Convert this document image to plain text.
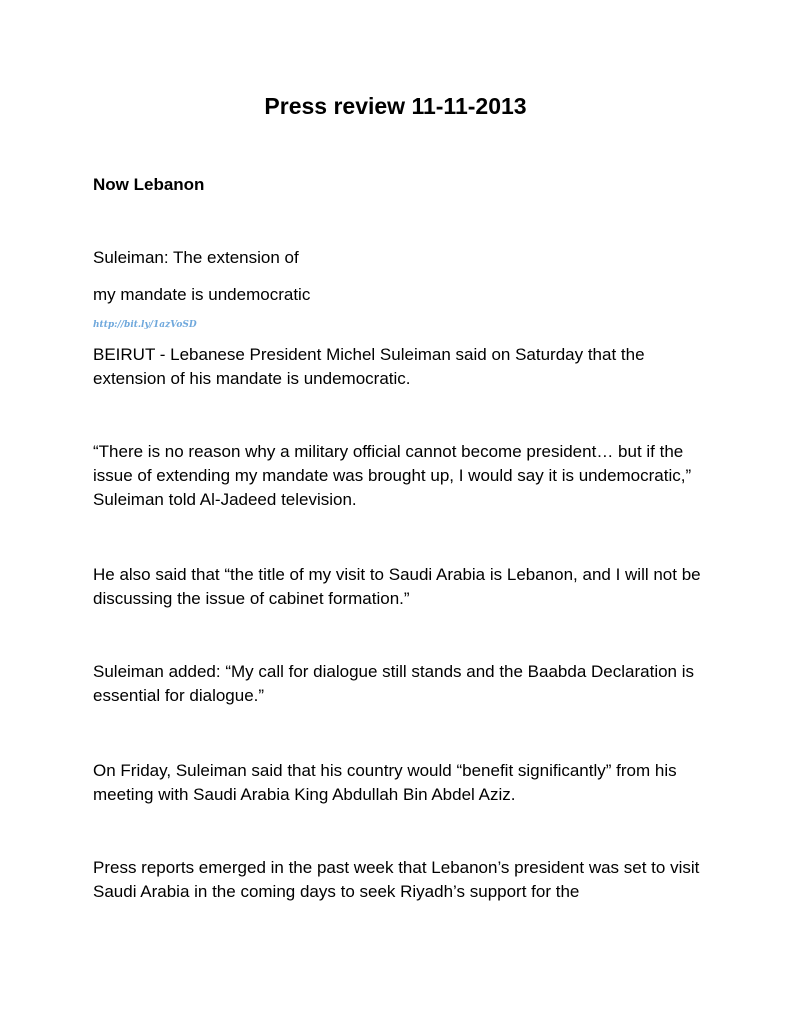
Press review 11-11-2013
Now Lebanon

Suleiman: The extension of

my mandate is undemocratic

http://bit.ly/1azVoSD

BEIRUT - Lebanese President Michel Suleiman said on Saturday that the extension of his mandate is undemocratic.

“There is no reason why a military official cannot become president… but if the issue of extending my mandate was brought up, I would say it is undemocratic,” Suleiman told Al-Jadeed television.

He also said that “the title of my visit to Saudi Arabia is Lebanon, and I will not be discussing the issue of cabinet formation.”

Suleiman added: “My call for dialogue still stands and the Baabda Declaration is essential for dialogue.”

On Friday, Suleiman said that his country would “benefit significantly” from his meeting with Saudi Arabia King Abdullah Bin Abdel Aziz.

Press reports emerged in the past week that Lebanon’s president was set to visit Saudi Arabia in the coming days to seek Riyadh’s support for the
